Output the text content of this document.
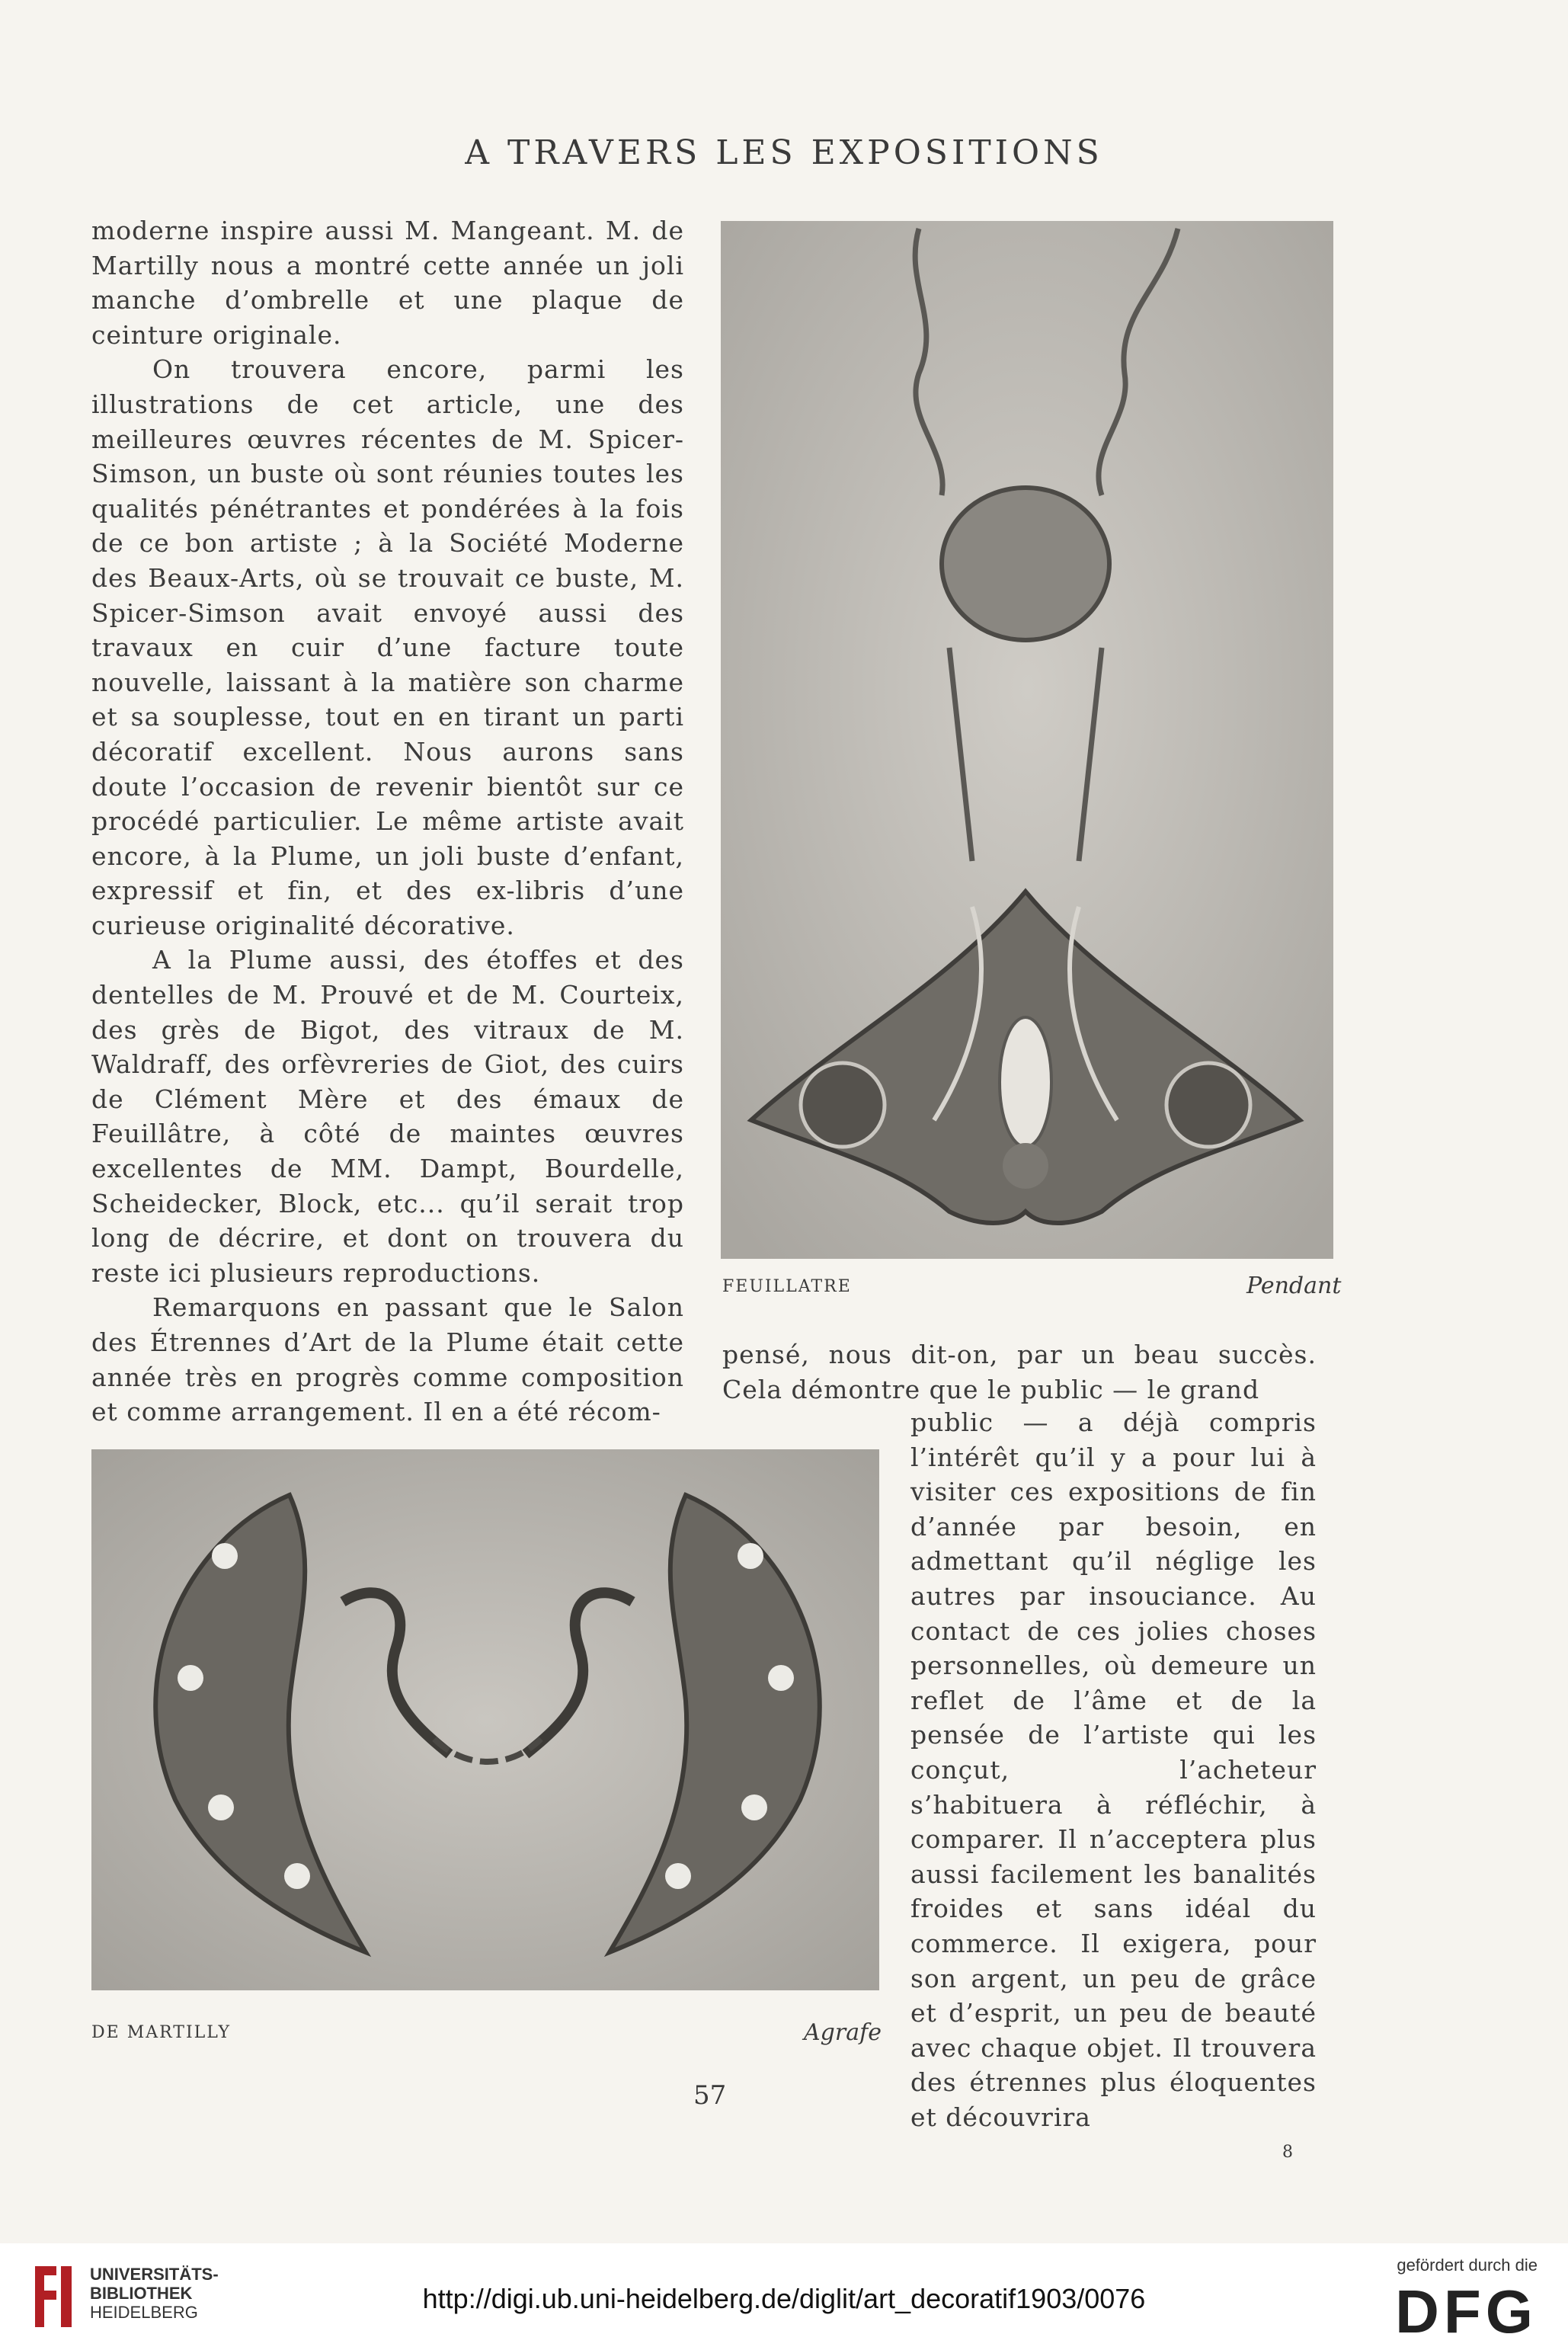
A TRAVERS LES EXPOSITIONS

moderne inspire aussi M. Mangeant. M. de Martilly nous a montré cette année un joli manche d’ombrelle et une plaque de ceinture originale.

On trouvera encore, parmi les illustrations de cet article, une des meilleures œuvres récentes de M. Spicer-Simson, un buste où sont réunies toutes les qualités pénétrantes et pondérées à la fois de ce bon artiste ; à la Société Moderne des Beaux-Arts, où se trouvait ce buste, M. Spicer-Simson avait envoyé aussi des travaux en cuir d’une facture toute nouvelle, laissant à la matière son charme et sa souplesse, tout en en tirant un parti décoratif excellent. Nous aurons sans doute l’occasion de revenir bientôt sur ce procédé particulier. Le même artiste avait encore, à la Plume, un joli buste d’enfant, expressif et fin, et des ex-libris d’une curieuse originalité décorative.

A la Plume aussi, des étoffes et des dentelles de M. Prouvé et de M. Courteix, des grès de Bigot, des vitraux de M. Waldraff, des orfèvreries de Giot, des cuirs de Clément Mère et des émaux de Feuillâtre, à côté de maintes œuvres excellentes de MM. Dampt, Bourdelle, Scheidecker, Block, etc... qu’il serait trop long de décrire, et dont on trouvera du reste ici plusieurs reproductions.

Remarquons en passant que le Salon des Étrennes d’Art de la Plume était cette année très en progrès comme composition et comme arrangement. Il en a été récom-

FEUILLATRE	Pendant
pensé, nous dit-on, par un beau succès. Cela démontre que le public — le grand
public — a déjà compris l’intérêt qu’il y a pour lui à visiter ces expositions de fin d’année par besoin, en admettant qu’il néglige les autres par insouciance. Au contact de ces jolies choses personnelles, où demeure un reflet de l’âme et de la pensée de l’artiste qui les conçut, l’acheteur s’habituera à réfléchir, à comparer. Il n’acceptera plus aussi facilement les banalités froides et sans idéal du commerce. Il exigera, pour son argent, un peu de grâce et d’esprit, un peu de beauté avec chaque objet. Il trouvera des étrennes plus éloquentes et découvrira
DE MARTILLY	Agrafe
57
8
UNIVERSITÄTS-
BIBLIOTHEK
HEIDELBERG	http://digi.ub.uni-heidelberg.de/diglit/art_decoratif1903/0076
gefördert durch die
DFG
